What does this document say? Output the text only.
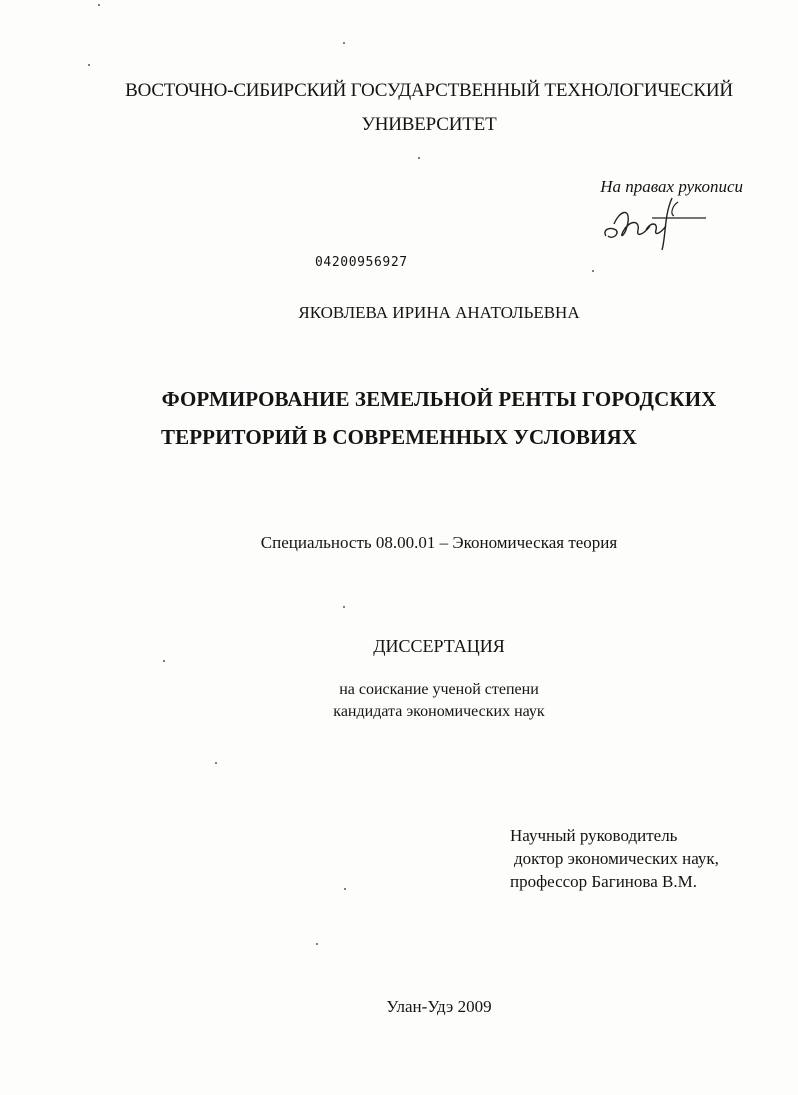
ВОСТОЧНО-СИБИРСКИЙ ГОСУДАРСТВЕННЫЙ ТЕХНОЛОГИЧЕСКИЙ
УНИВЕРСИТЕТ
На правах рукописи
04200956927
ЯКОВЛЕВА ИРИНА АНАТОЛЬЕВНА
ФОРМИРОВАНИЕ ЗЕМЕЛЬНОЙ РЕНТЫ ГОРОДСКИХ
ТЕРРИТОРИЙ В СОВРЕМЕННЫХ УСЛОВИЯХ
Специальность 08.00.01 – Экономическая теория
ДИССЕРТАЦИЯ
на соискание ученой степени
кандидата экономических наук
Научный руководитель
доктор экономических наук,
профессор Багинова В.М.
Улан-Удэ 2009
